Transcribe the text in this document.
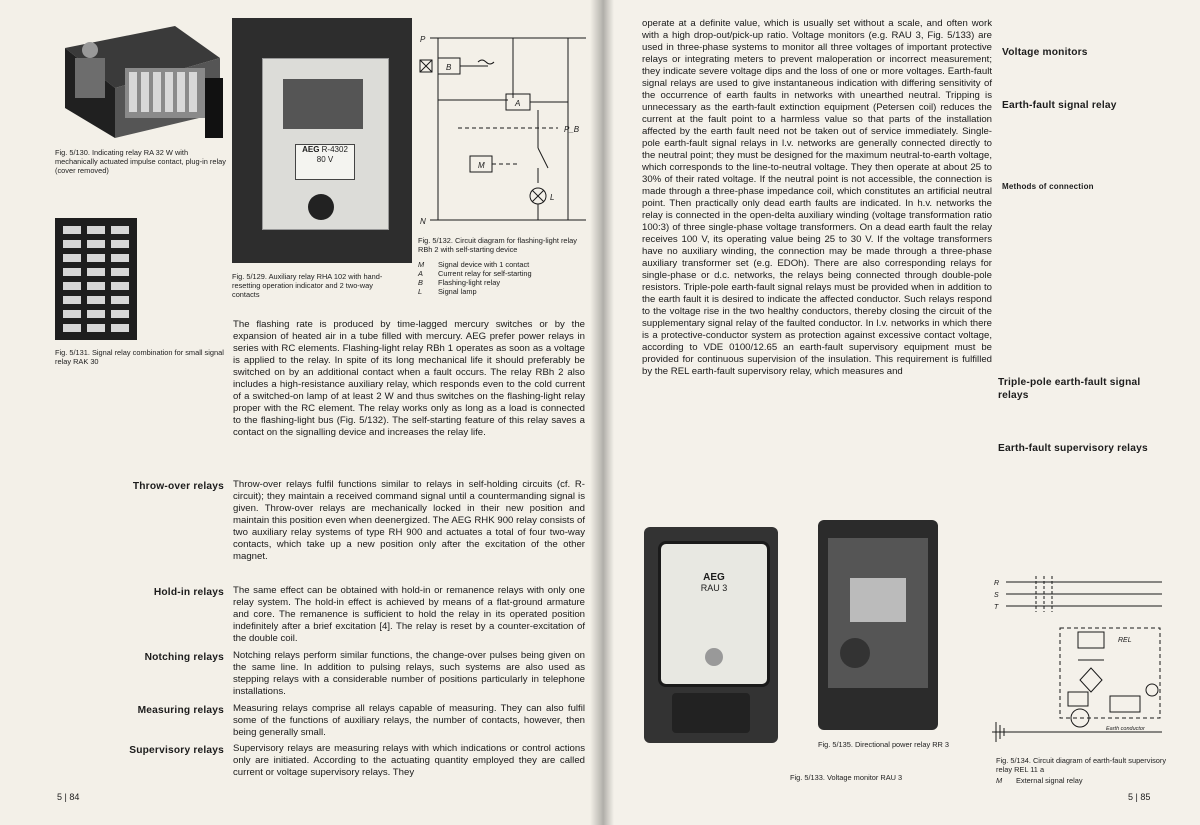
Fig. 5/130. Indicating relay RA 32 W with mechanically actuated impulse contact, plug-in relay (cover removed)
AEG R-4302
80 V
Fig. 5/129. Auxiliary relay RHA 102 with hand-resetting operation indicator and 2 two-way contacts
Fig. 5/131. Signal relay combination for small signal relay RAK 30
P
N
B
A
M
L
P_B
Fig. 5/132. Circuit diagram for flashing-light relay RBh 2 with self-starting device
M	Signal device with 1 contact
A	Current relay for self-starting
B	Flashing-light relay
L	Signal lamp

The flashing rate is produced by time-lagged mercury switches or by the expansion of heated air in a tube filled with mercury. AEG prefer power relays in series with RC elements. Flashing-light relay RBh 1 operates as soon as a voltage is applied to the relay. In spite of its long mechanical life it should preferably be switched on by an additional contact when a fault occurs. The relay RBh 2 also includes a high-resistance auxiliary relay, which responds even to the cold current of a switched-on lamp of at least 2 W and thus switches on the flashing-light relay proper with the RC element. The relay works only as long as a load is connected to the flashing-light bus (Fig. 5/132). The self-starting feature of this relay saves a contact on the signalling device and increases the relay life.

Throw-over relays Throw-over relays fulfil functions similar to relays in self-holding circuits (cf. R-circuit); they maintain a received command signal until a countermanding signal is given. Throw-over relays are mechanically locked in their new position and maintain this position even when deenergized. The AEG RHK 900 relay consists of two auxiliary relay systems of type RH 900 and actuates a total of four two-way contacts, which take up a new position only after the excitation of the other magnet.
Hold-in relays The same effect can be obtained with hold-in or remanence relays with only one relay system. The hold-in effect is achieved by means of a flat-ground armature and core. The remanence is sufficient to hold the relay in its operated position indefinitely after a brief excitation [4]. The relay is reset by a counter-excitation of the double coil.
Notching relays Notching relays perform similar functions, the change-over pulses being given on the same line. In addition to pulsing relays, such systems are also used as stepping relays with a considerable number of positions particularly in telephone installations.
Measuring relays Measuring relays comprise all relays capable of measuring. They can also fulfil some of the functions of auxiliary relays, the number of contacts, however, then being generally small.
Supervisory relays Supervisory relays are measuring relays with which indications or control actions only are initiated. According to the actuating quantity employed they are called current or voltage supervisory relays. They
5 | 84
operate at a definite value, which is usually set without a scale, and often work with a high drop-out/pick-up ratio. Voltage monitors (e.g. RAU 3, Fig. 5/133) are used in three-phase systems to monitor all three voltages of important protective relays or integrating meters to prevent maloperation or incorrect measurement; they indicate severe voltage dips and the loss of one or more voltages. Earth-fault signal relays are used to give instantaneous indication with differing sensitivity of the occurrence of earth faults in networks with unearthed neutral. Tripping is unnecessary as the earth-fault extinction equipment (Petersen coil) reduces the current at the fault point to a harmless value so that parts of the installation affected by the earth fault need not be taken out of service immediately. Single-pole earth-fault signal relays in l.v. networks are generally connected directly to the neutral point; they must be designed for the maximum neutral-to-earth voltage, which corresponds to the line-to-neutral voltage. They then operate at about 25 to 30% of their rated voltage. If the neutral point is not accessible, the connection is made through a three-phase impedance coil, which constitutes an artificial neutral point. Then practically only dead earth faults are indicated. In h.v. networks the relay is connected in the open-delta auxiliary winding (voltage transformation ratio 100:3) of three single-phase voltage transformers. On a dead earth fault the relay receives 100 V, its operating value being 25 to 30 V. If the voltage transformers have no auxiliary winding, the connection may be made through a three-phase auxiliary transformer set (e.g. EDOh). There are also corresponding relays for single-phase or d.c. networks, the relays being connected through double-pole resistors. Triple-pole earth-fault signal relays must be provided when in addition to the earth fault it is desired to indicate the affected conductor. Such relays respond to the voltage rise in the two healthy conductors, thereby closing the circuit of the supplementary signal relay of the faulted conductor. In l.v. networks in which there is a protective-conductor system as protection against excessive contact voltage, according to VDE 0100/12.65 an earth-fault supervisory equipment must be provided for continuous supervision of the insulation. This requirement is fulfilled by the REL earth-fault supervisory relay, which measures and
Voltage monitors
Earth-fault signal relay
Methods of connection
Triple-pole earth-fault signal relays
Earth-fault supervisory relays
AEG
RAU 3
Fig. 5/133. Voltage monitor RAU 3
Fig. 5/135. Directional power relay RR 3
R
S
T
REL
Earth conductor
Fig. 5/134. Circuit diagram of earth-fault supervisory relay REL 11 a
M	External signal relay
5 | 85
